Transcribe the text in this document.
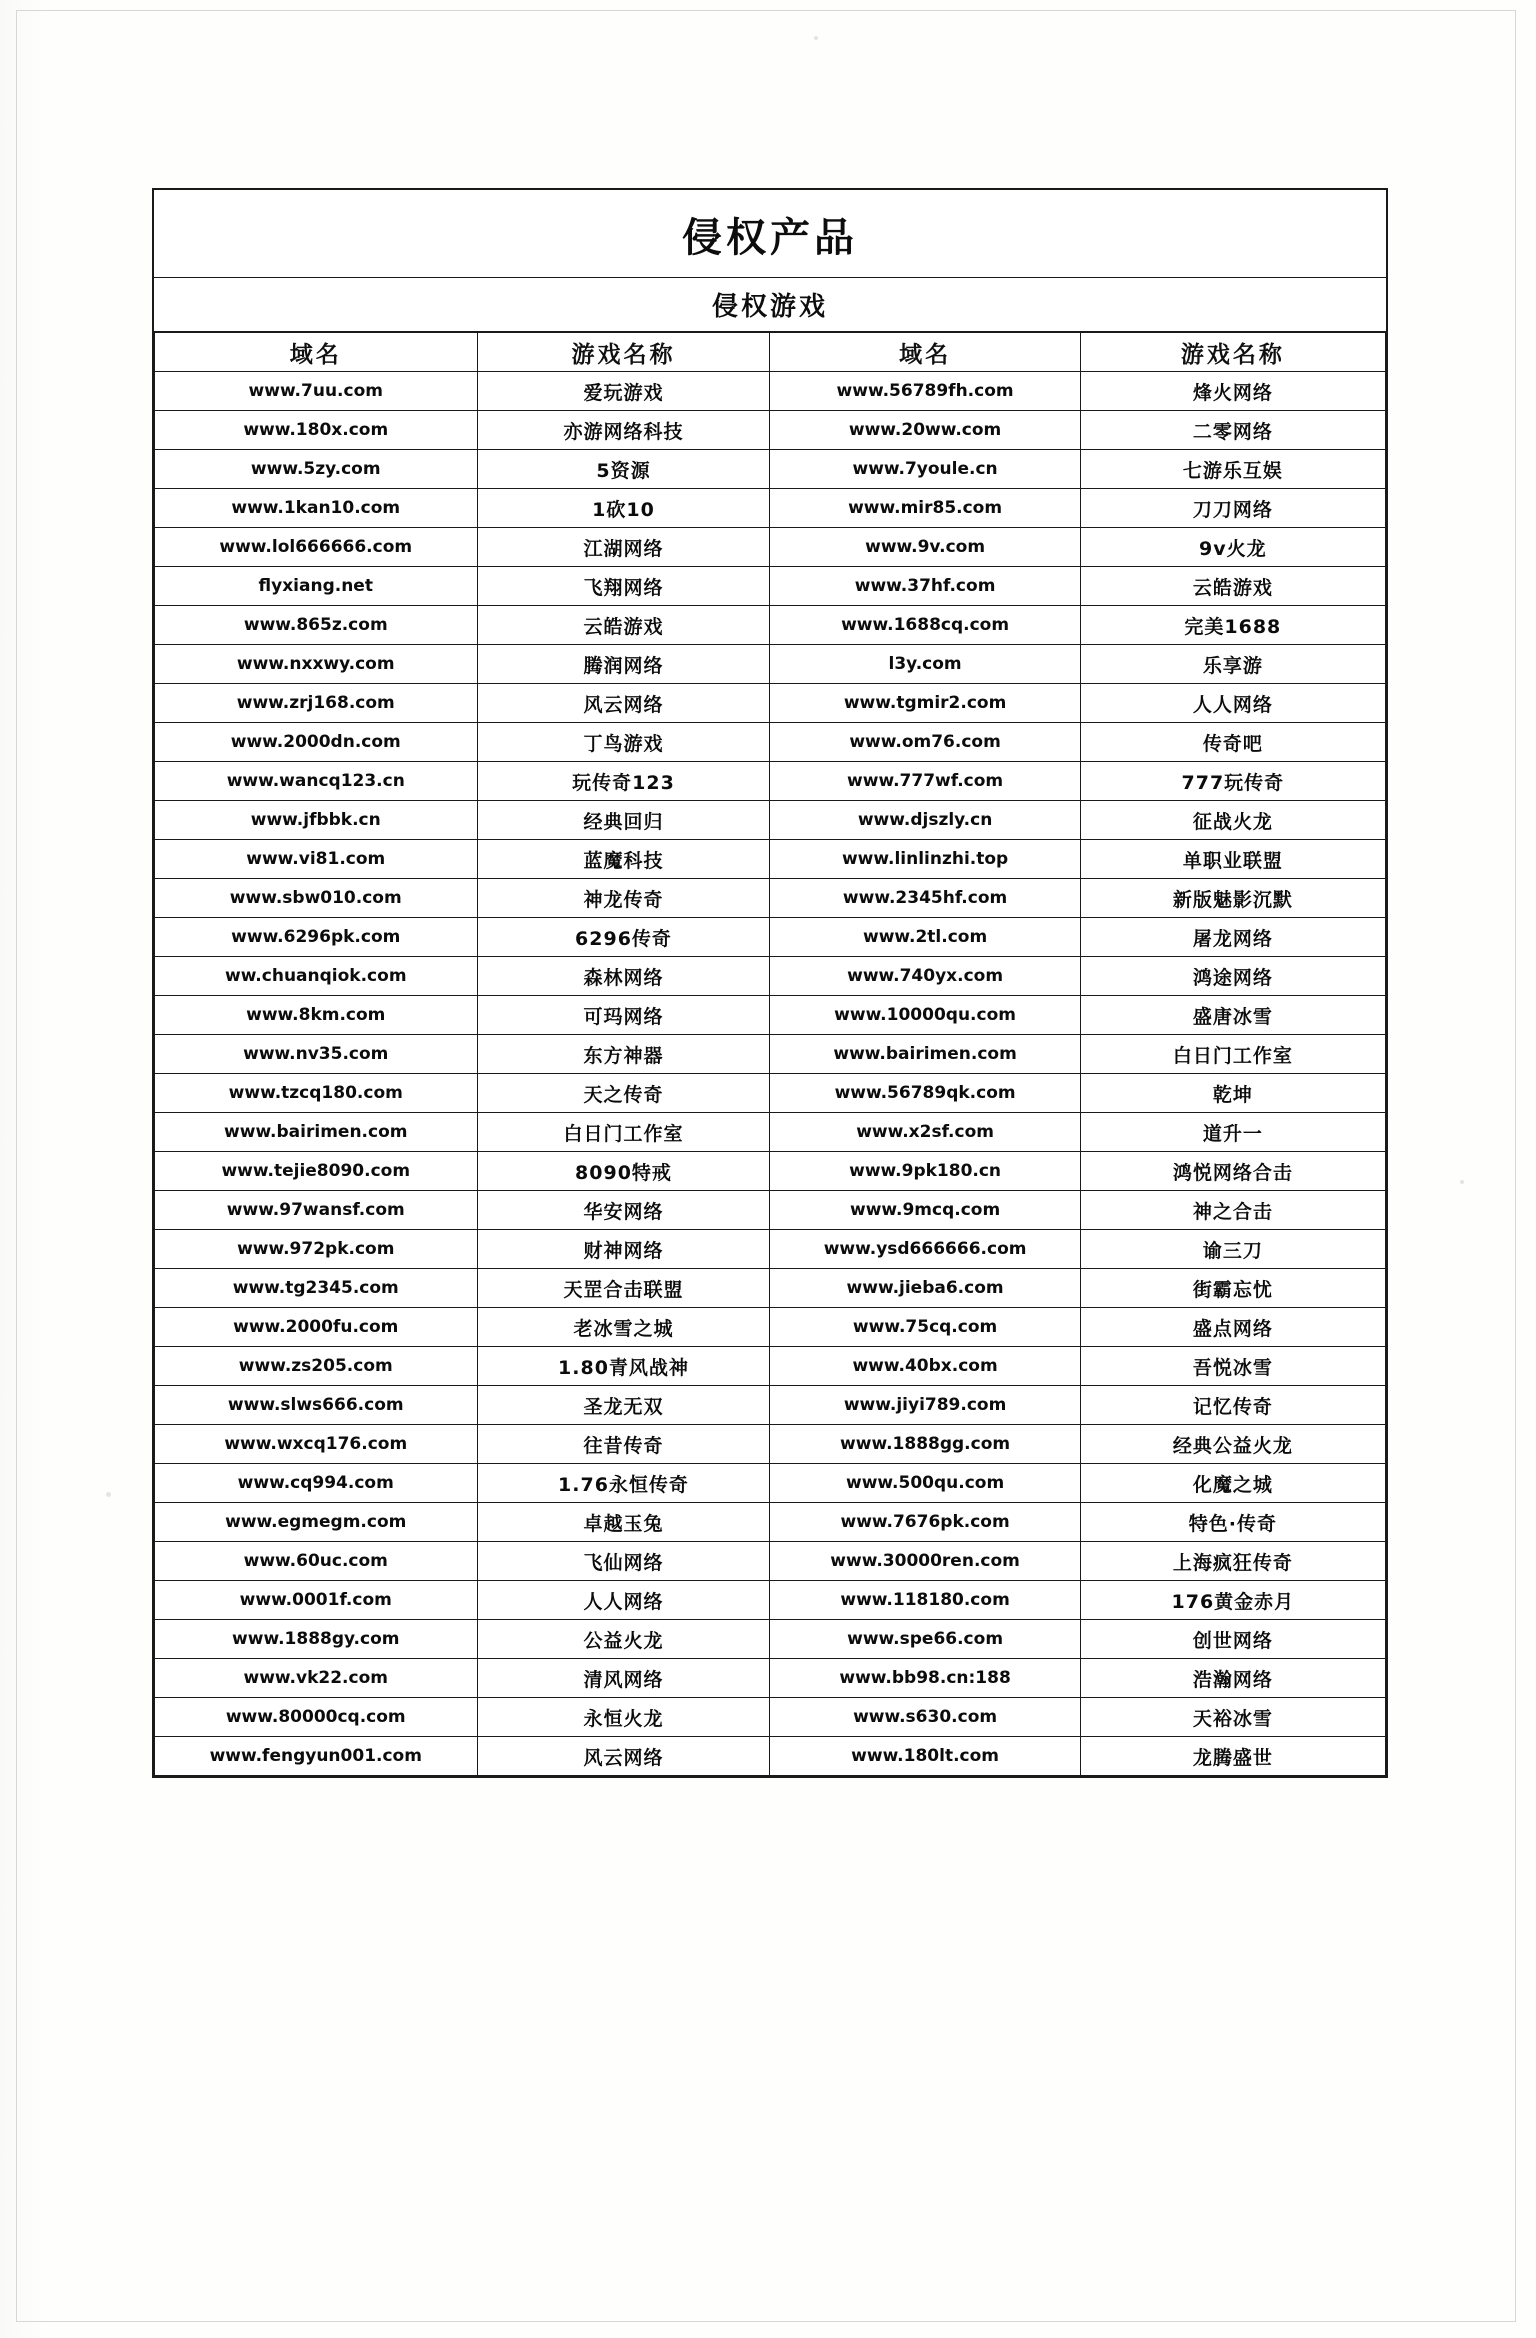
侵权产品
侵权游戏
域名	游戏名称	域名	游戏名称
www.7uu.com	爱玩游戏	www.56789fh.com	烽火网络
www.180x.com	亦游网络科技	www.20ww.com	二零网络
www.5zy.com	5资源	www.7youle.cn	七游乐互娱
www.1kan10.com	1砍10	www.mir85.com	刀刀网络
www.lol666666.com	江湖网络	www.9v.com	9v火龙
flyxiang.net	飞翔网络	www.37hf.com	云皓游戏
www.865z.com	云皓游戏	www.1688cq.com	完美1688
www.nxxwy.com	腾润网络	l3y.com	乐享游
www.zrj168.com	风云网络	www.tgmir2.com	人人网络
www.2000dn.com	丁鸟游戏	www.om76.com	传奇吧
www.wancq123.cn	玩传奇123	www.777wf.com	777玩传奇
www.jfbbk.cn	经典回归	www.djszly.cn	征战火龙
www.vi81.com	蓝魔科技	www.linlinzhi.top	单职业联盟
www.sbw010.com	神龙传奇	www.2345hf.com	新版魅影沉默
www.6296pk.com	6296传奇	www.2tl.com	屠龙网络
ww.chuanqiok.com	森林网络	www.740yx.com	鸿途网络
www.8km.com	可玛网络	www.10000qu.com	盛唐冰雪
www.nv35.com	东方神器	www.bairimen.com	白日门工作室
www.tzcq180.com	天之传奇	www.56789qk.com	乾坤
www.bairimen.com	白日门工作室	www.x2sf.com	道升一
www.tejie8090.com	8090特戒	www.9pk180.cn	鸿悦网络合击
www.97wansf.com	华安网络	www.9mcq.com	神之合击
www.972pk.com	财神网络	www.ysd666666.com	谕三刀
www.tg2345.com	天罡合击联盟	www.jieba6.com	街霸忘忧
www.2000fu.com	老冰雪之城	www.75cq.com	盛点网络
www.zs205.com	1.80青风战神	www.40bx.com	吾悦冰雪
www.slws666.com	圣龙无双	www.jiyi789.com	记忆传奇
www.wxcq176.com	往昔传奇	www.1888gg.com	经典公益火龙
www.cq994.com	1.76永恒传奇	www.500qu.com	化魔之城
www.egmegm.com	卓越玉兔	www.7676pk.com	特色·传奇
www.60uc.com	飞仙网络	www.30000ren.com	上海疯狂传奇
www.0001f.com	人人网络	www.118180.com	176黄金赤月
www.1888gy.com	公益火龙	www.spe66.com	创世网络
www.vk22.com	清风网络	www.bb98.cn:188	浩瀚网络
www.80000cq.com	永恒火龙	www.s630.com	天裕冰雪
www.fengyun001.com	风云网络	www.180lt.com	龙腾盛世
